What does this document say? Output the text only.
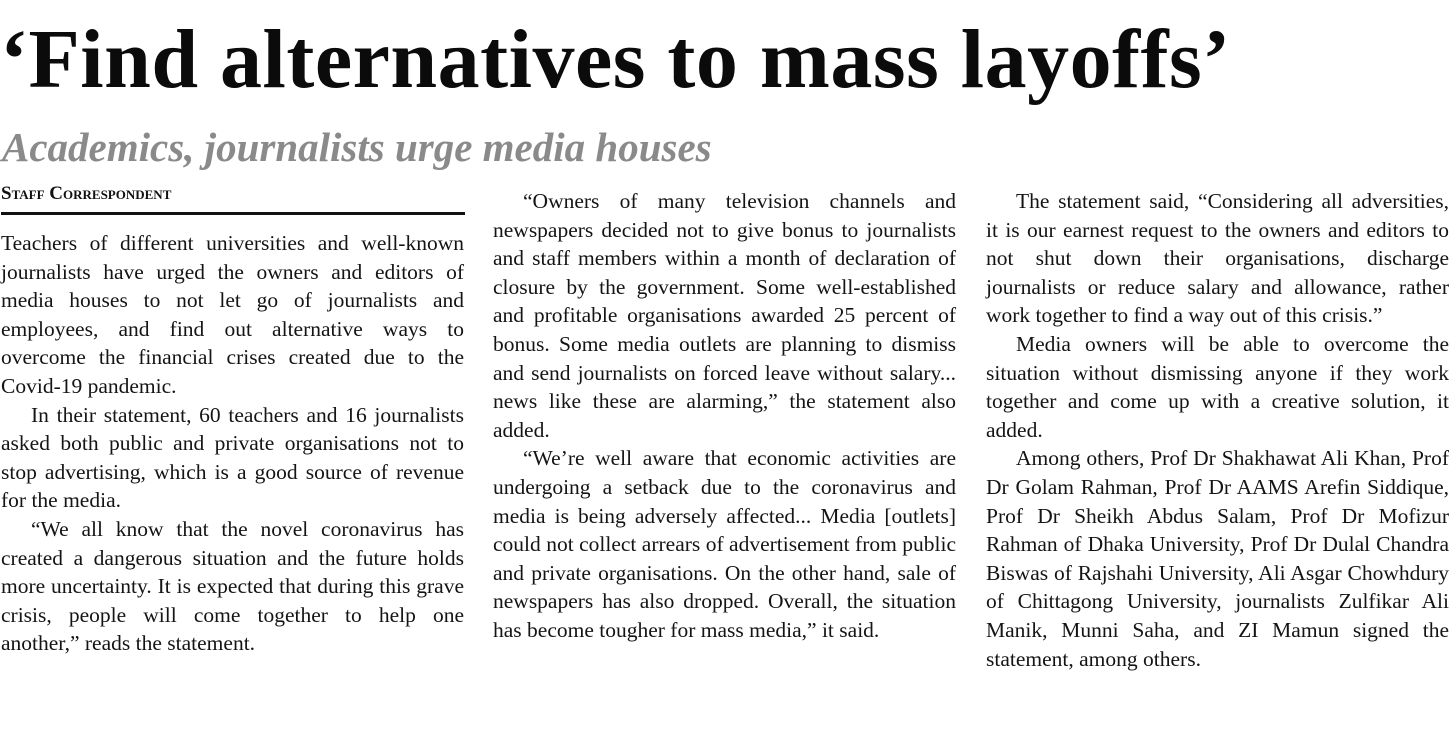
‘Find alternatives to mass layoffs’
Academics, journalists urge media houses
Staff Correspondent

Teachers of different universities and well-known journalists have urged the owners and editors of media houses to not let go of journalists and employees, and find out alternative ways to overcome the financial crises created due to the Covid-19 pandemic.

In their statement, 60 teachers and 16 journalists asked both public and private organisations not to stop advertising, which is a good source of revenue for the media.

“We all know that the novel coronavirus has created a dangerous situation and the future holds more uncertainty. It is expected that during this grave crisis, people will come together to help one another,” reads the statement.

“Owners of many television channels and newspapers decided not to give bonus to journalists and staff members within a month of declaration of closure by the government. Some well-established and profitable organisations awarded 25 percent of bonus. Some media outlets are planning to dismiss and send journalists on forced leave without salary... news like these are alarming,” the statement also added.

“We’re well aware that economic activities are undergoing a setback due to the coronavirus and media is being adversely affected... Media [outlets] could not collect arrears of advertisement from public and private organisations. On the other hand, sale of newspapers has also dropped. Overall, the situation has become tougher for mass media,” it said.

The statement said, “Considering all adversities, it is our earnest request to the owners and editors to not shut down their organisations, discharge journalists or reduce salary and allowance, rather work together to find a way out of this crisis.”

Media owners will be able to overcome the situation without dismissing anyone if they work together and come up with a creative solution, it added.

Among others, Prof Dr Shakhawat Ali Khan, Prof Dr Golam Rahman, Prof Dr AAMS Arefin Siddique, Prof Dr Sheikh Abdus Salam, Prof Dr Mofizur Rahman of Dhaka University, Prof Dr Dulal Chandra Biswas of Rajshahi University, Ali Asgar Chowhdury of Chittagong University, journalists Zulfikar Ali Manik, Munni Saha, and ZI Mamun signed the statement, among others.
